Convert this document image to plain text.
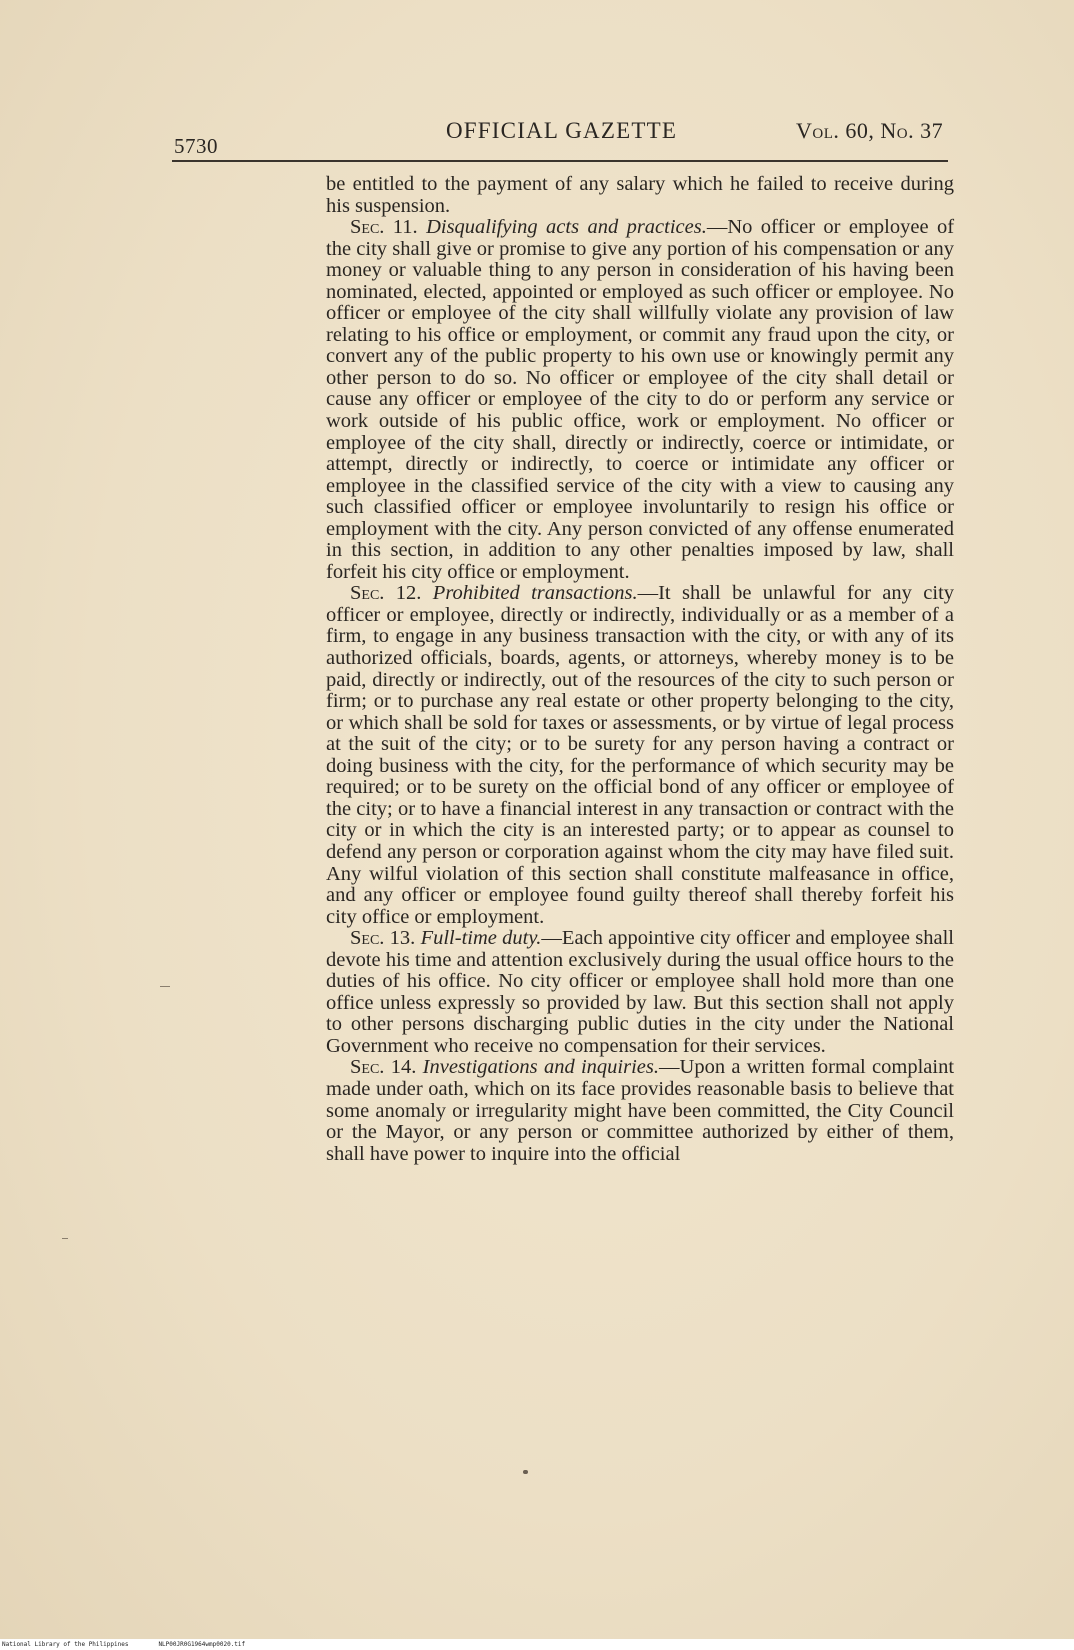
5730
OFFICIAL GAZETTE	Vol. 60, No. 37

be entitled to the payment of any salary which he failed to receive during his suspension.

Sec. 11. Disqualifying acts and practices.—No officer or employee of the city shall give or promise to give any portion of his compensation or any money or valuable thing to any person in consideration of his having been nominated, elected, appointed or employed as such officer or employee. No officer or employee of the city shall willfully violate any provision of law relating to his office or employment, or commit any fraud upon the city, or convert any of the public property to his own use or knowingly permit any other person to do so. No officer or employee of the city shall detail or cause any officer or employee of the city to do or perform any service or work outside of his public office, work or employment. No officer or employee of the city shall, directly or indirectly, coerce or intimidate, or attempt, directly or indirectly, to coerce or intimidate any officer or employee in the classified service of the city with a view to causing any such classified officer or employee involuntarily to resign his office or employment with the city. Any person convicted of any offense enumerated in this section, in addition to any other penalties imposed by law, shall forfeit his city office or employment.

Sec. 12. Prohibited transactions.—It shall be unlawful for any city officer or employee, directly or indirectly, individually or as a member of a firm, to engage in any business transaction with the city, or with any of its authorized officials, boards, agents, or attorneys, whereby money is to be paid, directly or indirectly, out of the resources of the city to such person or firm; or to purchase any real estate or other property belonging to the city, or which shall be sold for taxes or assessments, or by virtue of legal process at the suit of the city; or to be surety for any person having a contract or doing business with the city, for the performance of which security may be required; or to be surety on the official bond of any officer or employee of the city; or to have a financial interest in any transaction or contract with the city or in which the city is an interested party; or to appear as counsel to defend any person or corporation against whom the city may have filed suit. Any wilful violation of this section shall constitute malfeasance in office, and any officer or employee found guilty thereof shall thereby forfeit his city office or employment.

Sec. 13. Full-time duty.—Each appointive city officer and employee shall devote his time and attention exclusively during the usual office hours to the duties of his office. No city officer or employee shall hold more than one office unless expressly so provided by law. But this section shall not apply to other persons discharging public duties in the city under the National Government who receive no compensation for their services.

Sec. 14. Investigations and inquiries.—Upon a written formal complaint made under oath, which on its face provides reasonable basis to believe that some anomaly or irregularity might have been committed, the City Council or the Mayor, or any person or committee authorized by either of them, shall have power to inquire into the official

National Library of the Philippines	NLP00JR0G1964wmp0020.tif
